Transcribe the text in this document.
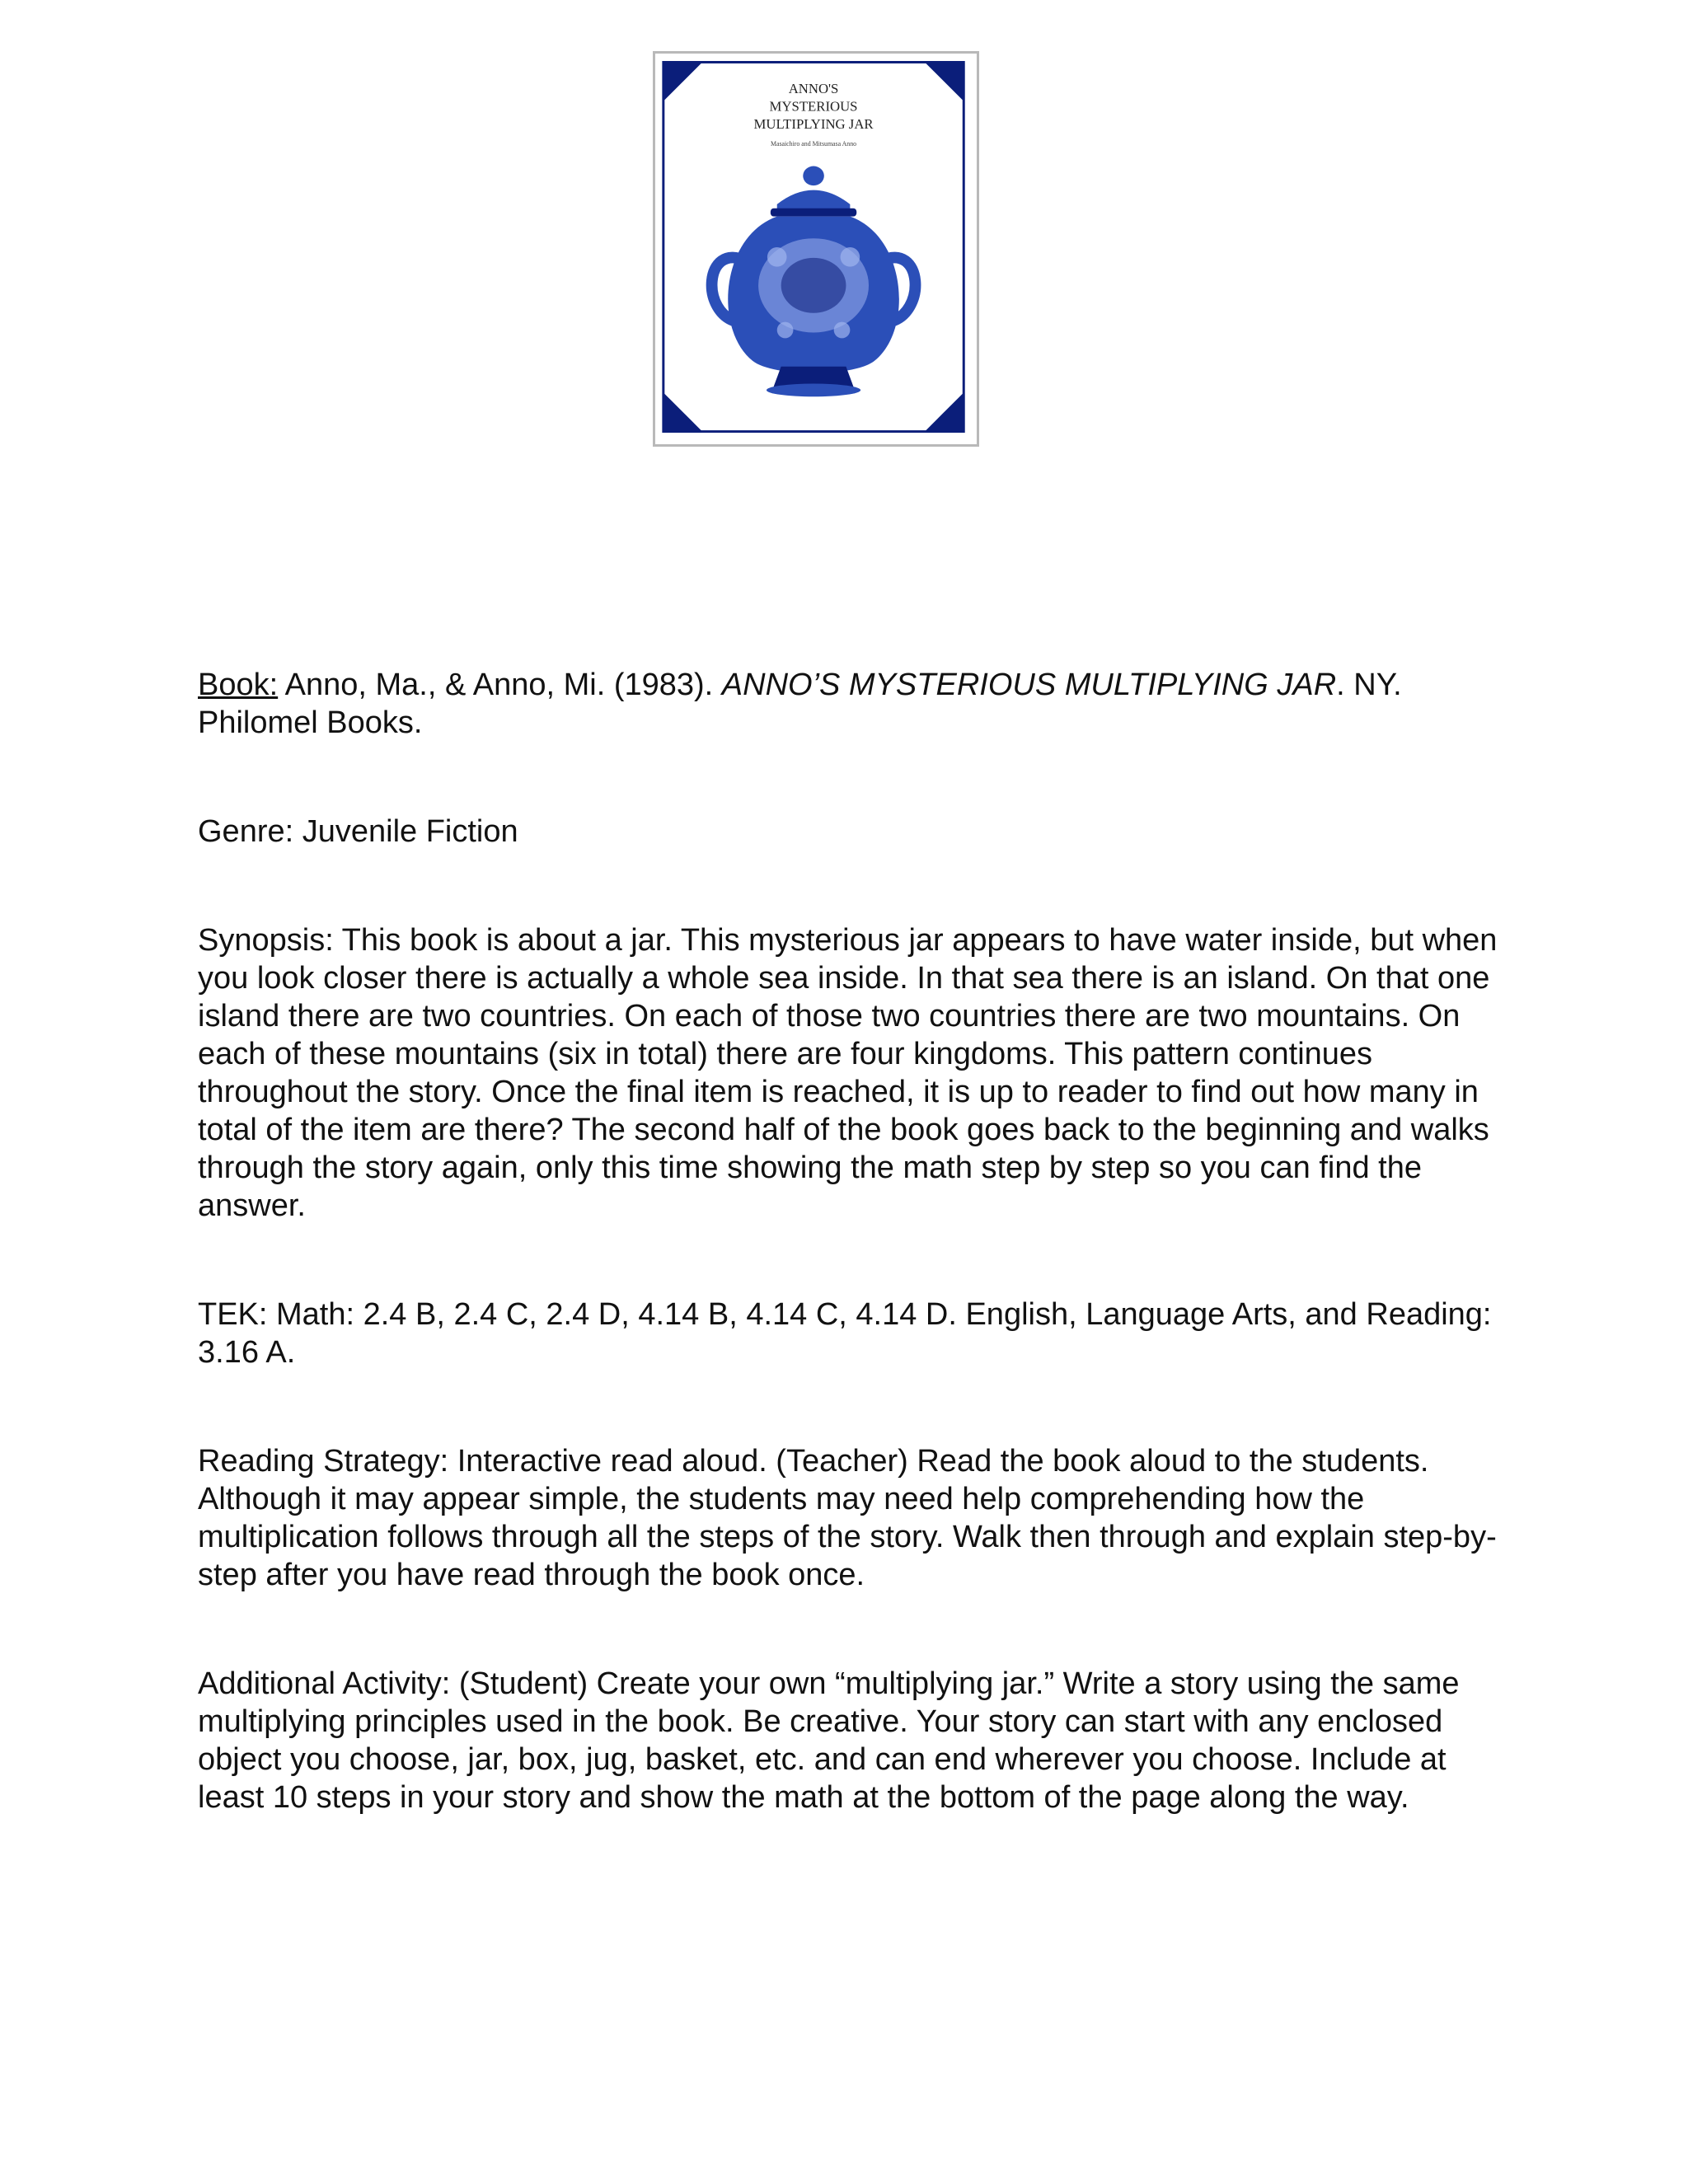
ANNO'S
MYSTERIOUS
MULTIPLYING JAR
Masaichiro and Mitsumasa Anno

Book: Anno, Ma., & Anno, Mi. (1983). ANNO’S MYSTERIOUS MULTIPLYING JAR. NY. Philomel Books.

Genre: Juvenile Fiction

Synopsis: This book is about a jar. This mysterious jar appears to have water inside, but when you look closer there is actually a whole sea inside. In that sea there is an island. On that one island there are two countries. On each of those two countries there are two mountains. On each of these mountains (six in total) there are four kingdoms. This pattern continues throughout the story. Once the final item is reached, it is up to reader to find out how many in total of the item are there? The second half of the book goes back to the beginning and walks through the story again, only this time showing the math step by step so you can find the answer.

TEK: Math: 2.4 B, 2.4 C, 2.4 D, 4.14 B, 4.14 C, 4.14 D. English, Language Arts, and Reading: 3.16 A.

Reading Strategy: Interactive read aloud. (Teacher) Read the book aloud to the students. Although it may appear simple, the students may need help comprehending how the multiplication follows through all the steps of the story. Walk then through and explain step-by-step after you have read through the book once.

Additional Activity: (Student) Create your own “multiplying jar.” Write a story using the same multiplying principles used in the book. Be creative. Your story can start with any enclosed object you choose, jar, box, jug, basket, etc. and can end wherever you choose. Include at least 10 steps in your story and show the math at the bottom of the page along the way.
